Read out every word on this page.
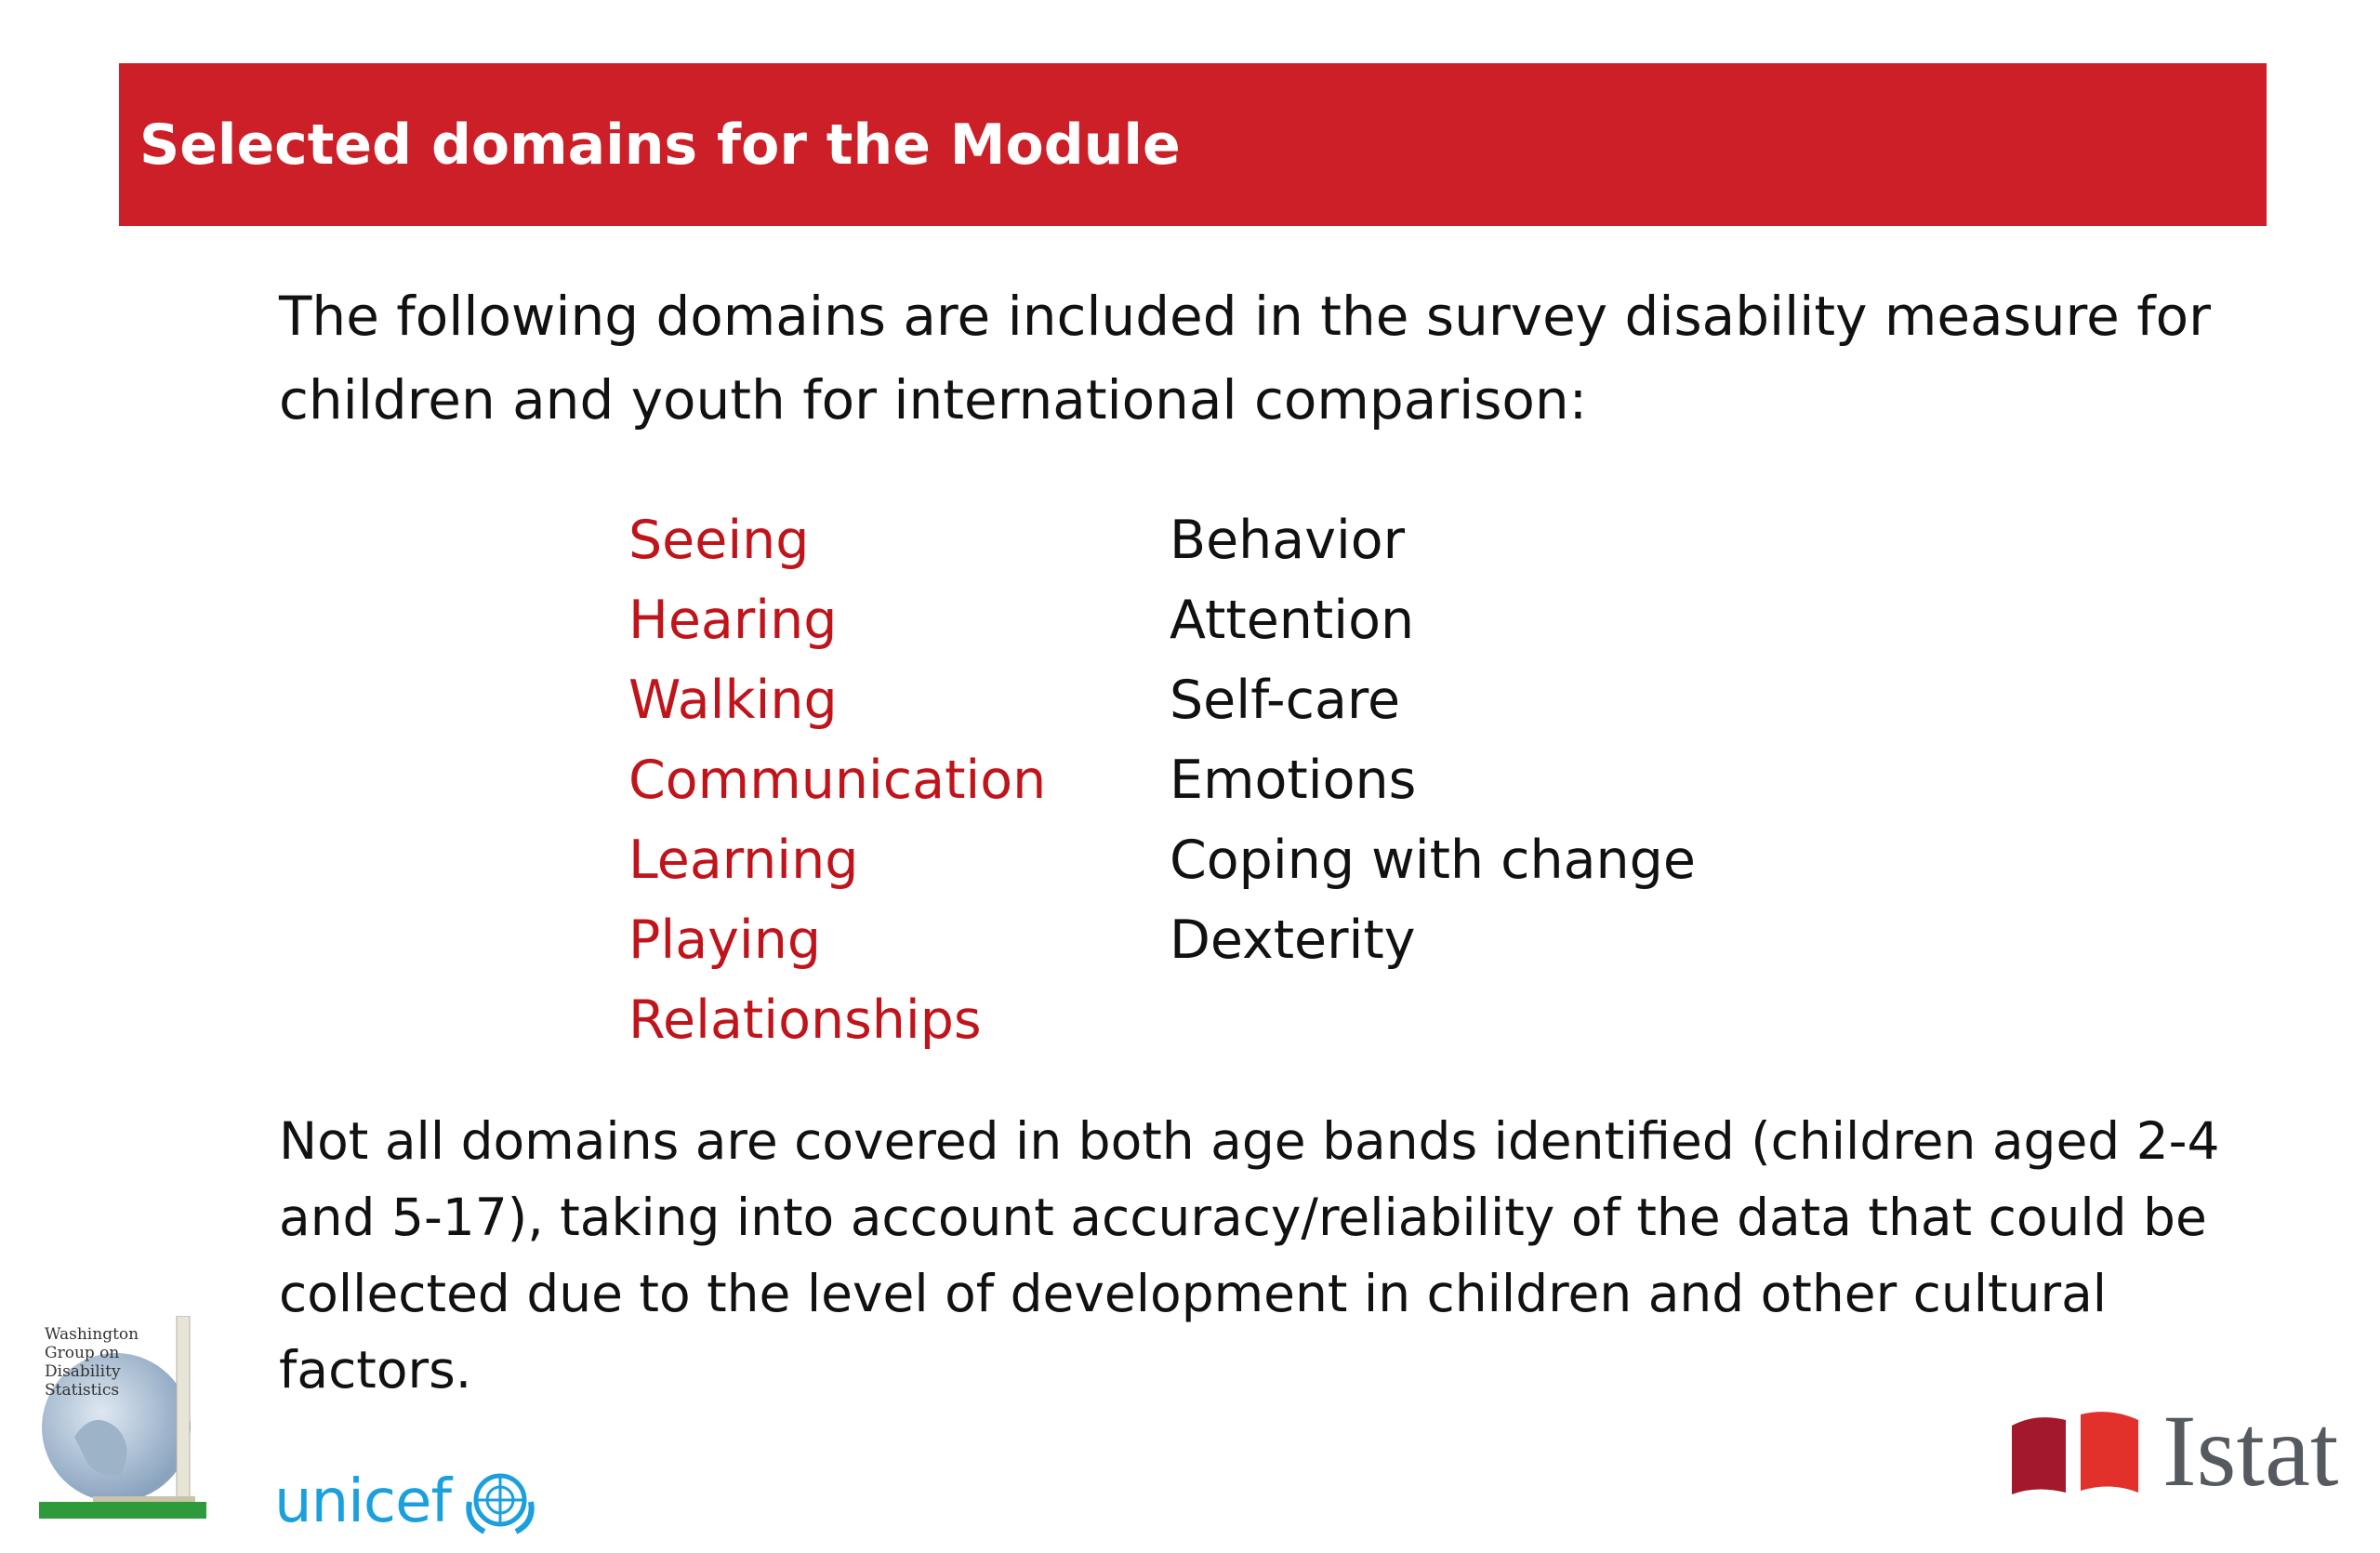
Selected domains for the Module
The following domains are included in the survey disability measure for children and youth for international comparison:
Seeing
Hearing
Walking
Communication
Learning
Playing
Relationships
Behavior
Attention
Self-care
Emotions
Coping with change
Dexterity
Not all domains are covered in both age bands identified (children aged 2-4 and 5-17), taking into account accuracy/reliability of the data that could be collected due to the level of development in children and other cultural factors.
Washington
Group on
Disability
Statistics
unicef	Istat
